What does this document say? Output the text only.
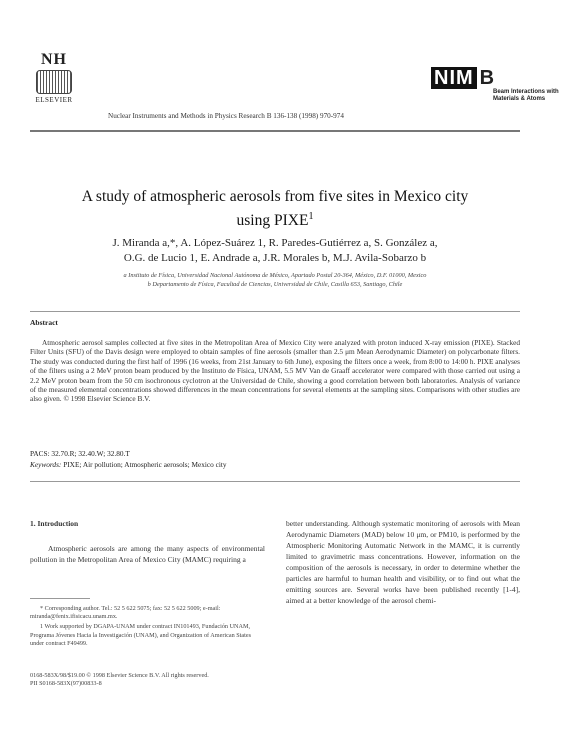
NH
ELSEVIER
Nuclear Instruments and Methods in Physics Research B 136-138 (1998) 970-974
NIM B
Beam Interactions with Materials & Atoms
A study of atmospheric aerosols from five sites in Mexico city
using PIXE$^1$
J. Miranda a,*, A. López-Suárez 1, R. Paredes-Gutiérrez a, S. González a,
O.G. de Lucio 1, E. Andrade a, J.R. Morales b, M.J. Avila-Sobarzo b
a Instituto de Física, Universidad Nacional Autónoma de México, Apartado Postal 20-364, México, D.F. 01000, Mexico
b Departamento de Física, Facultad de Ciencias, Universidad de Chile, Casilla 653, Santiago, Chile
Abstract
Atmospheric aerosol samples collected at five sites in the Metropolitan Area of Mexico City were analyzed with proton induced X-ray emission (PIXE). Stacked Filter Units (SFU) of the Davis design were employed to obtain samples of fine aerosols (smaller than 2.5 μm Mean Aerodynamic Diameter) on polycarbonate filters. The study was conducted during the first half of 1996 (16 weeks, from 21st January to 6th June), exposing the filters once a week, from 8:00 to 14:00 h. PIXE analyses of the filters using a 2 MeV proton beam produced by the Instituto de Física, UNAM, 5.5 MV Van de Graaff accelerator were compared with those carried out using a 2.2 MeV proton beam from the 50 cm isochronous cyclotron at the Universidad de Chile, showing a good correlation between both laboratories. Analysis of variance of the measured elemental concentrations showed differences in the mean concentrations for several elements at the sampling sites. Comparisons with other studies are also given. © 1998 Elsevier Science B.V.
PACS: 32.70.R; 32.40.W; 32.80.T
Keywords: PIXE; Air pollution; Atmospheric aerosols; Mexico city
1. Introduction

Atmospheric aerosols are among the many aspects of environmental pollution in the Metropolitan Area of Mexico City (MAMC) requiring a

* Corresponding author. Tel.: 52 5 622 5075; fax: 52 5 622 5009; e-mail: miranda@fenix.ifisicacu.unam.mx.
1 Work supported by DGAPA-UNAM under contract IN101493, Fundación UNAM, Programa Jóvenes Hacia la Investigación (UNAM), and Organization of American States under contract F49499.
0168-583X/98/$19.00 © 1998 Elsevier Science B.V. All rights reserved.
PII S0168-583X(97)00833-8

better understanding. Although systematic monitoring of aerosols with Mean Aerodynamic Diameters (MAD) below 10 μm, or PM10, is performed by the Atmospheric Monitoring Automatic Network in the MAMC, it is currently limited to gravimetric mass concentrations. However, information on the composition of the aerosols is necessary, in order to determine whether the particles are harmful to human health and visibility, or to find out what the emitting sources are. Several works have been published recently [1-4], aimed at a better knowledge of the aerosol chemi-
